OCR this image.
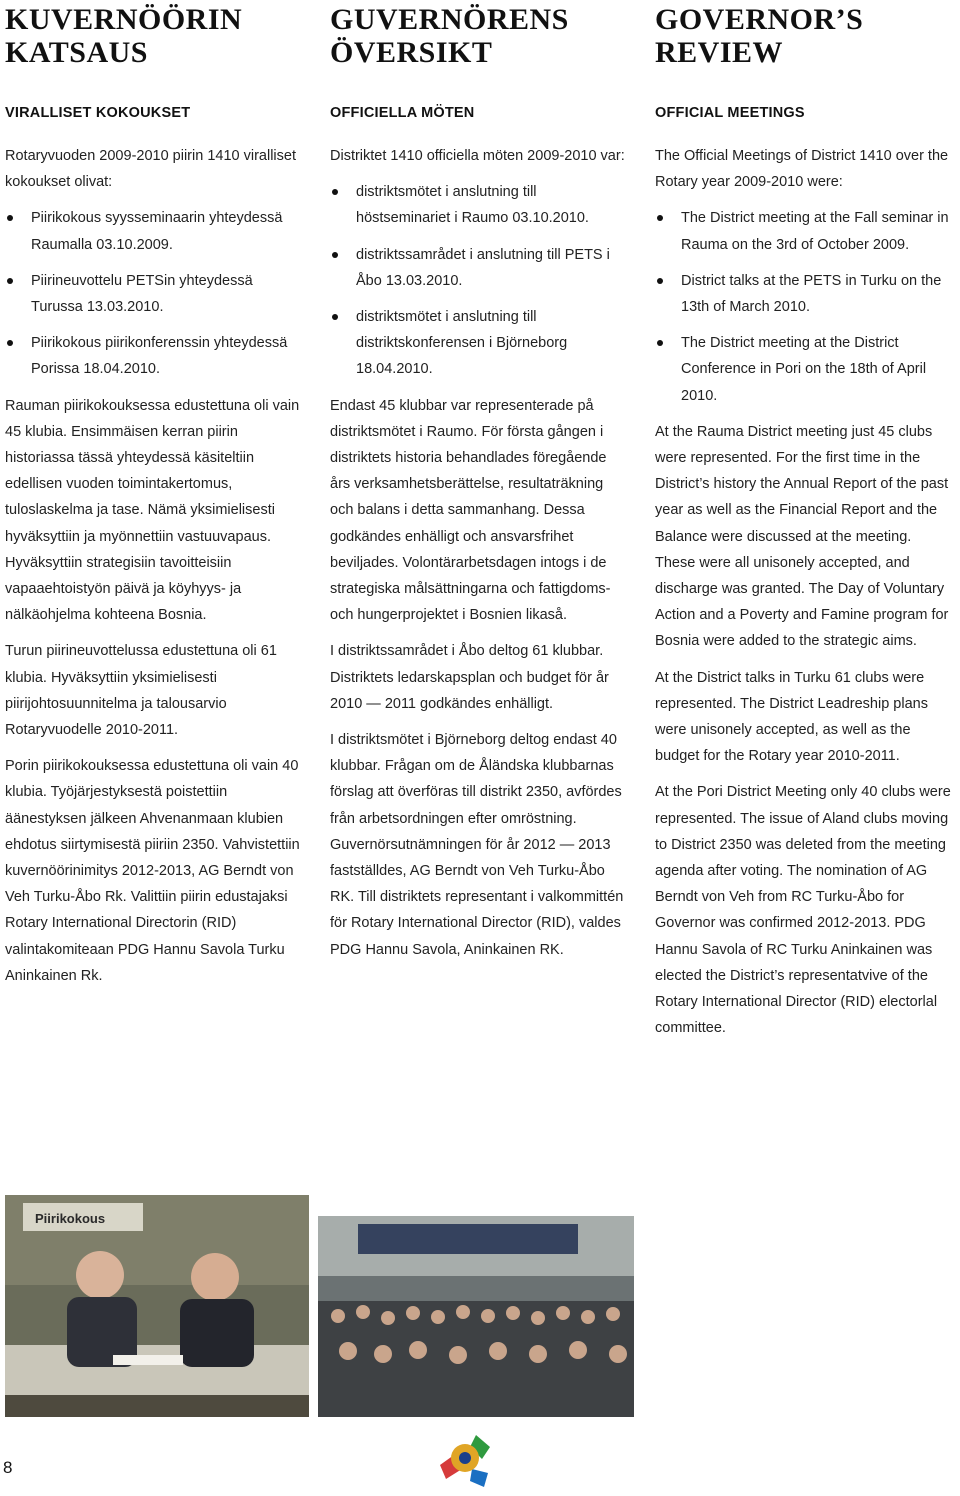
KUVERNÖÖRIN
KATSAUS
VIRALLISET KOKOUKSET
Rotaryvuoden 2009-2010 piirin 1410 viralliset kokoukset olivat:
Piirikokous syysseminaarin yhteydessä Raumalla 03.10.2009.
Piirineuvottelu PETSin yhteydessä Turussa 13.03.2010.
Piirikokous piirikonferenssin yhteydessä Porissa 18.04.2010.
Rauman piirikokouksessa edustettuna oli vain 45 klubia. Ensimmäisen kerran piirin historiassa tässä yhteydessä käsiteltiin edellisen vuoden toimintakertomus, tuloslaskelma ja tase. Nämä yksimielisesti hyväksyttiin ja myönnettiin vastuuvapaus. Hyväksyttiin strategisiin tavoitteisiin vapaaehtoistyön päivä ja köyhyys- ja nälkäohjelma kohteena Bosnia.
Turun piirineuvottelussa edustettuna oli 61 klubia. Hyväksyttiin yksimielisesti piirijohtosuunnitelma ja talousarvio Rotaryvuodelle 2010-2011.
Porin piirikokouksessa edustettuna oli vain 40 klubia. Työjärjestyksestä poistettiin äänestyksen jälkeen Ahvenanmaan klubien ehdotus siirtymisestä piiriin 2350. Vahvistettiin kuvernöörinimitys 2012-2013, AG Berndt von Veh Turku-Åbo Rk. Valittiin piirin edustajaksi Rotary International Directorin (RID) valintakomiteaan PDG Hannu Savola Turku Aninkainen Rk.
GUVERNÖRENS
ÖVERSIKT
OFFICIELLA MÖTEN
Distriktet 1410 officiella möten 2009-2010 var:
distriktsmötet i anslutning till höstseminariet i Raumo 03.10.2010.
distriktssamrådet i anslutning till PETS i Åbo 13.03.2010.
distriktsmötet i anslutning till distriktskonferensen i Björneborg 18.04.2010.
Endast 45 klubbar var representerade på distriktsmötet i Raumo. För första gången i distriktets historia behandlades föregående års verksamhetsberättelse, resultaträkning och balans i detta sammanhang. Dessa godkändes enhälligt och ansvarsfrihet beviljades. Volontärarbetsdagen intogs i de strategiska målsättningarna och fattigdoms- och hungerprojektet i Bosnien likaså.
I distriktssamrådet i Åbo deltog 61 klubbar. Distriktets ledarskapsplan och budget för år 2010 — 2011 godkändes enhälligt.
I distriktsmötet i Björneborg deltog endast 40 klubbar. Frågan om de Åländska klubbarnas förslag att överföras till distrikt 2350, avfördes från arbetsordningen efter omröstning. Guvernörsutnämningen för år 2012 — 2013 fastställdes, AG Berndt von Veh Turku-Åbo RK. Till distriktets representant i valkommittén för Rotary International Director (RID), valdes PDG Hannu Savola, Aninkainen RK.
GOVERNOR’S
REVIEW
OFFICIAL MEETINGS
The Official Meetings of District 1410 over the Rotary year 2009-2010 were:
The District meeting at the Fall seminar in Rauma on the 3rd of October 2009.
District talks at the PETS in Turku on the 13th of March 2010.
The District meeting at the District Conference in Pori on the 18th of April 2010.
At the Rauma District meeting just 45 clubs were represented. For the first time in the District’s history the Annual Report of the past year as well as the Financial Report and the Balance were discussed at the meeting. These were all unisonely accepted, and discharge was granted. The Day of Voluntary Action and a Poverty and Famine program for Bosnia were added to the strategic aims.
At the District talks in Turku 61 clubs were represented. The District Leadreship plans were unisonely accepted, as well as the budget for the Rotary year 2010-2011.
At the Pori District Meeting only 40 clubs were represented. The issue of Aland clubs moving to District 2350 was deleted from the meeting agenda after voting. The nomination of AG Berndt von Veh from RC Turku-Åbo for Governor was confirmed 2012-2013. PDG Hannu Savola of RC Turku Aninkainen was elected the District’s representatvive of the Rotary International Director (RID) electorlal committee.
Piirikokous
8
